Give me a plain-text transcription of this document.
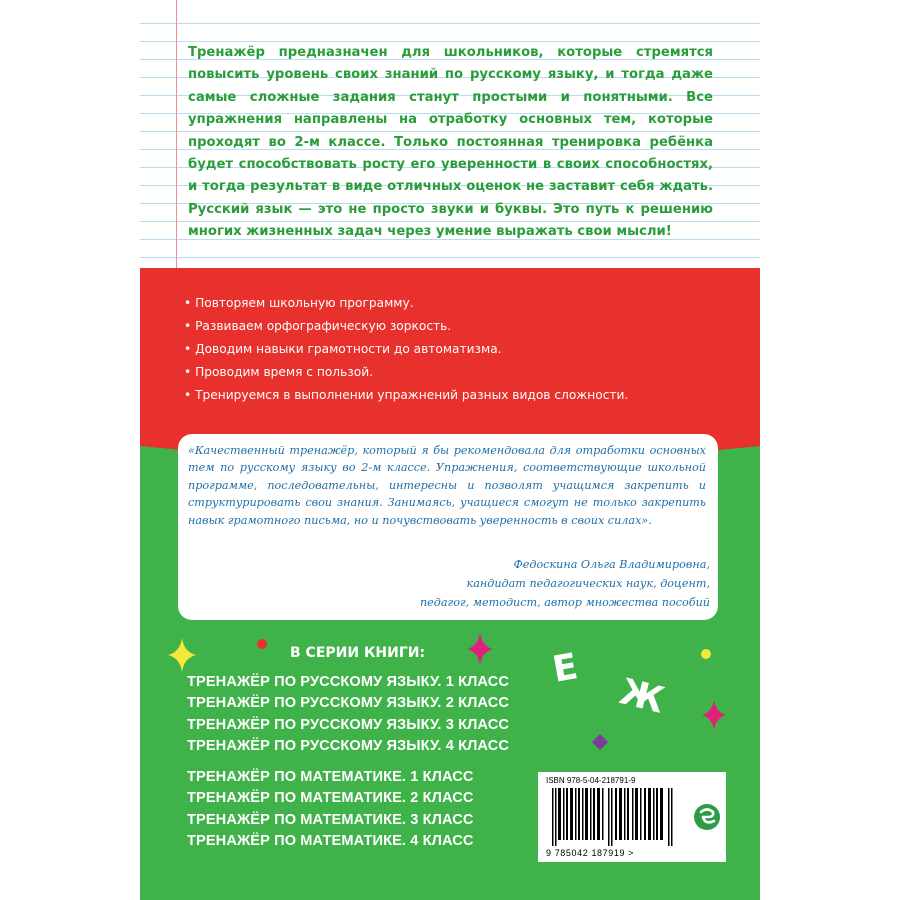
Тренажёр предназначен для школьников, которые стремятся повысить уровень своих знаний по русскому языку, и тогда даже самые сложные задания станут простыми и понятными. Все упражнения направлены на отработку основных тем, которые проходят во 2-м классе. Только постоянная тренировка ребёнка будет способствовать росту его уверенности в своих способностях, и тогда результат в виде отличных оценок не заставит себя ждать. Русский язык — это не просто звуки и буквы. Это путь к решению многих жизненных задач через умение выражать свои мысли!

• Повторяем школьную программу.
• Развиваем орфографическую зоркость.
• Доводим навыки грамотности до автоматизма.
• Проводим время с пользой.
• Тренируемся в выполнении упражнений разных видов сложности.

«Качественный тренажёр, который я бы рекомендовала для отработки основных тем по русскому языку во 2-м классе. Упражнения, соответствующие школьной программе, последовательны, интересны и позволят учащимся закрепить и структурировать свои знания. Занимаясь, учащиеся смогут не только закрепить навык грамотного письма, но и почувствовать уверенность в своих силах».

Федоскина Ольга Владимировна,
кандидат педагогических наук, доцент,
педагог, методист, автор множества пособий
Е
Ж
В СЕРИИ КНИГИ:
ТРЕНАЖЁР ПО РУССКОМУ ЯЗЫКУ. 1 КЛАСС
ТРЕНАЖЁР ПО РУССКОМУ ЯЗЫКУ. 2 КЛАСС
ТРЕНАЖЁР ПО РУССКОМУ ЯЗЫКУ. 3 КЛАСС
ТРЕНАЖЁР ПО РУССКОМУ ЯЗЫКУ. 4 КЛАСС
ТРЕНАЖЁР ПО МАТЕМАТИКЕ. 1 КЛАСС
ТРЕНАЖЁР ПО МАТЕМАТИКЕ. 2 КЛАСС
ТРЕНАЖЁР ПО МАТЕМАТИКЕ. 3 КЛАСС
ТРЕНАЖЁР ПО МАТЕМАТИКЕ. 4 КЛАСС
ISBN 978-5-04-218791-9
9 785042 187919 >
